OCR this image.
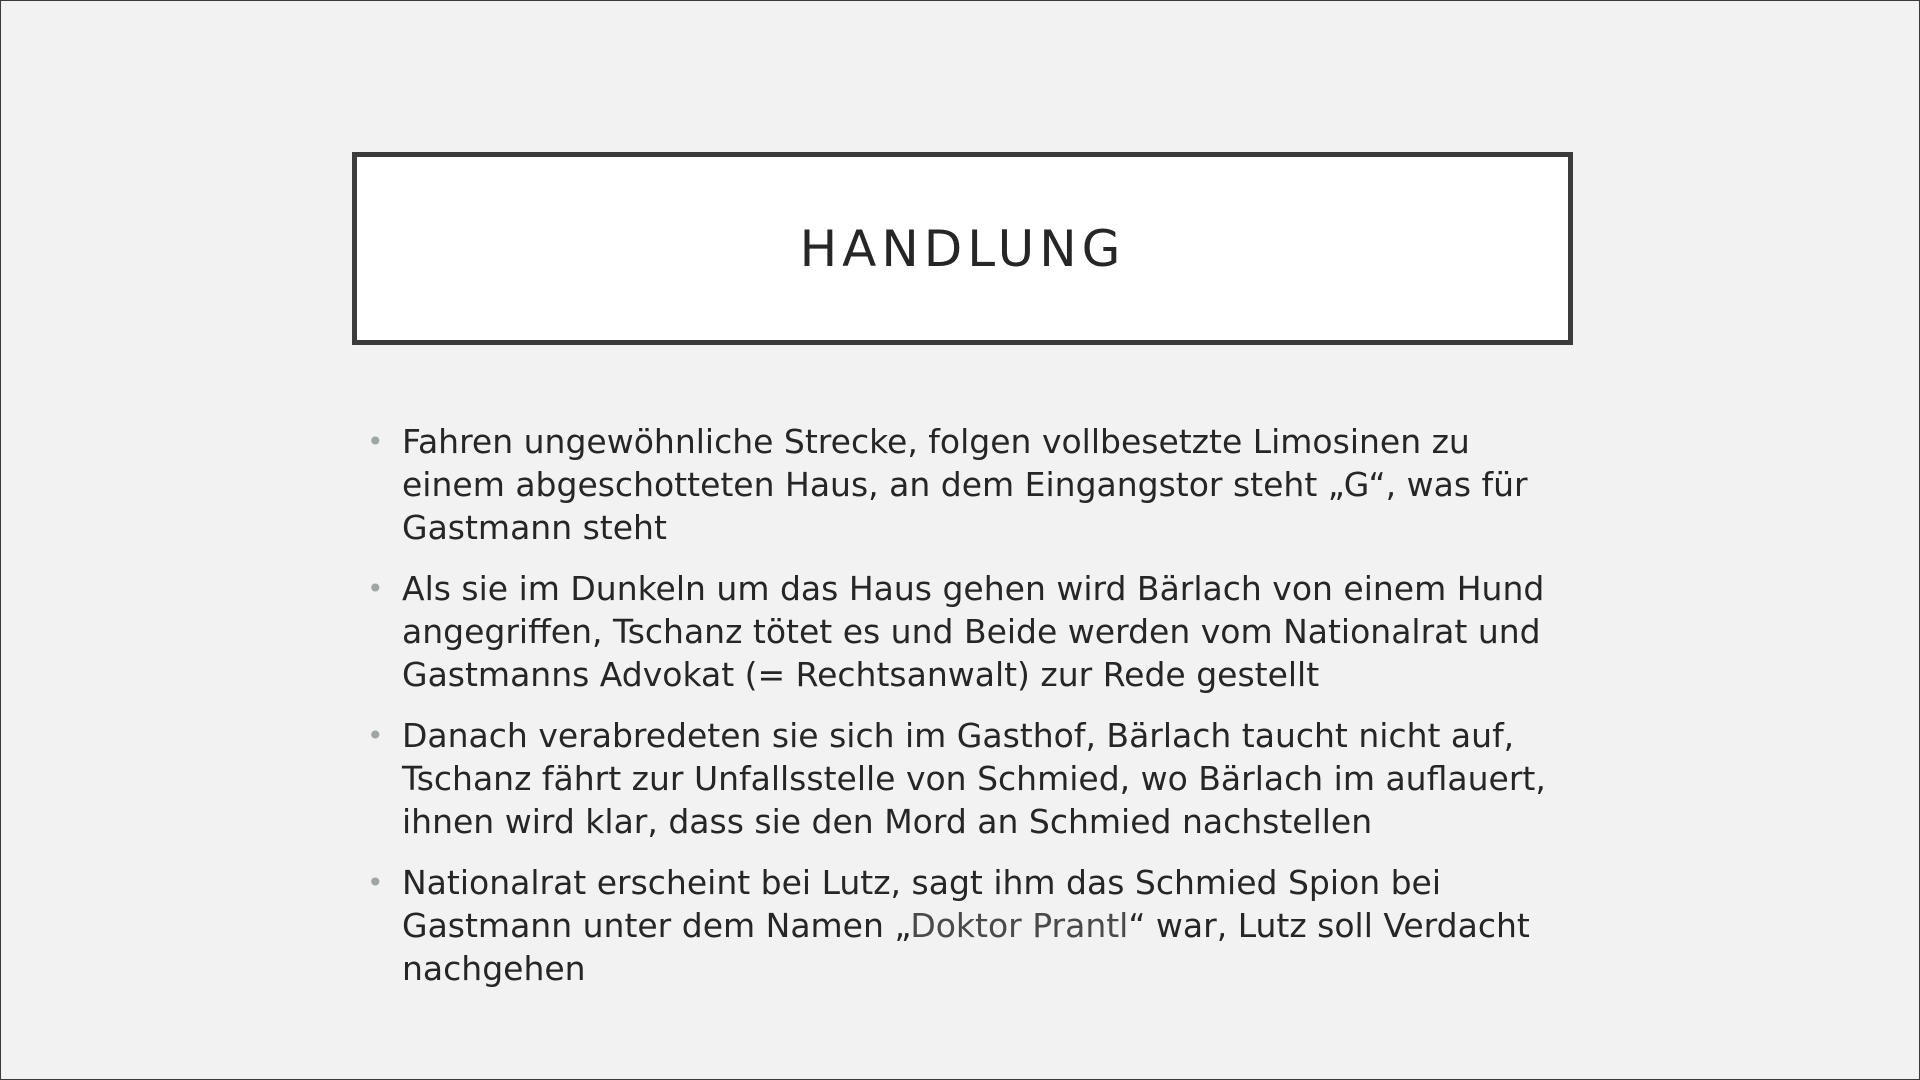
HANDLUNG
• Fahren ungewöhnliche Strecke, folgen vollbesetzte Limosinen zu einem abgeschotteten Haus, an dem Eingangstor steht „G“, was für Gastmann steht
• Als sie im Dunkeln um das Haus gehen wird Bärlach von einem Hund angegriffen, Tschanz tötet es und Beide werden vom Nationalrat und Gastmanns Advokat (= Rechtsanwalt) zur Rede gestellt
• Danach verabredeten sie sich im Gasthof, Bärlach taucht nicht auf, Tschanz fährt zur Unfallsstelle von Schmied, wo Bärlach im auflauert, ihnen wird klar, dass sie den Mord an Schmied nachstellen
• Nationalrat erscheint bei Lutz, sagt ihm das Schmied Spion bei Gastmann unter dem Namen „Doktor Prantl“ war, Lutz soll Verdacht nachgehen
